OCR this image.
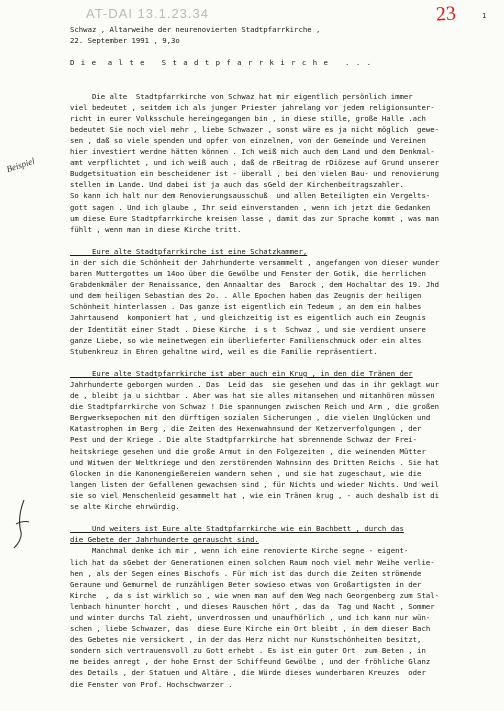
AT-DAI 13.1.23.34	23	1
Beispiel
Schwaz , Altarweihe der neurenovierten Stadtpfarrkirche ,
22. September 1991 , 9,3o
D i e  a l t e   S t a d t p f a r r k i r c h e   . . .
Die alte  Stadtpfarrkirche von Schwaz hat mir eigentlich persönlich immer
viel bedeutet , seitdem ich als junger Priester jahrelang vor jedem religionsunter-
richt in eurer Volksschule hereingegangen bin , in diese stille, große Halle .ach
bedeutet Sie noch viel mehr , liebe Schwazer , sonst wäre es ja nicht möglich  gewe-
sen , daß so viele spenden und opfer von einzelnen, von der Gemeinde und Vereinen
hier investiert werdne hätten können . Ich weiß mich auch dem Land und dem Denkmal-
amt verpflichtet , und ich weiß auch , daß de rBeitrag de rDiözese auf Grund unserer
Budgetsituation ein bescheidener ist - überall , bei den vielen Bau- und renovierung
stellen im Lande. Und dabei ist ja auch das sGeld der Kirchenbeitragszahler.
So kann ich halt nur dem Renovierungsausschuß  und allen Beteiligten ein Vergelts-
gott sagen . Und ich glaube , Ihr seid einverstanden , wenn ich jetzt die Gedanken
um diese Eure Stadtpfarrkirche kreisen lasse , damit das zur Sprache kommt , was man
fühlt , wenn man in diese Kirche tritt.
Eure alte Stadtpfarrkirche ist eine Schatzkammer,
in der sich die Schönheit der Jahrhunderte versammelt , angefangen von dieser wunder
baren Muttergottes um 14oo über die Gewölbe und Fenster der Gotik, die herrlichen
Grabdenkmäler der Renaissance, den Annaaltar des  Barock , dem Hochaltar des 19. Jhd
und dem heiligen Sebastian des 2o. . Alle Epochen haben das Zeugnis der heiligen
Schönheit hinterlassen . Das ganze ist eigentlich ein Tedeum , an dem ein halbes
Jahrtausend  komponiert hat , und gleichzeitig ist es eigentlich auch ein Zeugnis
der Identität einer Stadt . Diese Kirche  i s t  Schwaz , und sie verdient unsere
ganze Liebe, so wie meinetwegen ein überlieferter Familienschmuck oder ein altes
Stubenkreuz in Ehren gehaltne wird, weil es die Familie repräsentiert.
Eure alte Stadtpfarrkirche ist aber auch ein Krug , in den die Tränen der
Jahrhunderte geborgen wurden . Das  Leid das  sie gesehen und das in ihr geklagt wur
de , bleibt ja u sichtbar . Aber was hat sie alles mitansehen und mitanhören müssen
die Stadtpfarrkirche von Schwaz ! Die spannungen zwischen Reich und Arm , die großen
Bergwerksepochen mit den dürftigen sozialen Sicherungen , die vielen Unglücken und
Katastrophen im Berg , die Zeiten des Hexenwahnsund der Ketzerverfolgungen , der
Pest und der Kriege . Die alte Stadtpfarrkirche hat sbrennende Schwaz der Frei-
heitskriege gesehen und die große Armut in den Folgezeiten , die weinenden Mütter
und Witwen der Weltkriege und den zerstörenden Wahnsinn des Dritten Reichs . Sie hat
Glocken in die Kanonengießereien wandern sehen , und sie hat zugeschaut, wie die
langen listen der Gefallenen gewachsen sind , für Nichts und wieder Nichts. Und weil
sie so viel Menschenleid gesammelt hat , wie ein Tränen krug , - auch deshalb ist di
se alte Kirche ehrwürdig.
Und weiters ist Eure alte Stadtpfarrkirche wie ein Bachbett , durch das
die Gebete der Jahrhunderte gerauscht sind.
Manchmal denke ich mir , wenn ich eine renovierte Kirche segne - eigent-
lich hat da sGebet der Generationen einen solchen Raum noch viel mehr Weihe verlie-
hen , als der Segen eines Bischofs . Für mich ist das durch die Zeiten strömende
Geraune und Gemurmel de runzähligen Beter sowieso etwas von Großartigsten in der
Kirche  , da s ist wirklich so , wie wnen man auf dem Weg nach Georgenberg zum Stal-
lenbach hinunter horcht , und dieses Rauschen hört , das da  Tag und Nacht , Sommer
und winter durchs Tal zieht, unverdrossen und unaufhörlich , und ich kann nur wün-
schen , liebe Schwazer, das  diese Eure Kirche ein Ort bleibt , in dem dieser Bach
des Gebetes nie versickert , in der das Herz nicht nur Kunstschönheiten besitzt,
sondern sich vertrauensvoll zu Gott erhebt . Es ist ein guter Ort  zum Beten , in
me beides anregt , der hohe Ernst der Schiffeund Gewölbe , und der fröhliche Glanz
des Details , der Statuen und Altäre , die Würde dieses wunderbaren Kreuzes  oder
die Fenster von Prof. Hochschwarzer .
